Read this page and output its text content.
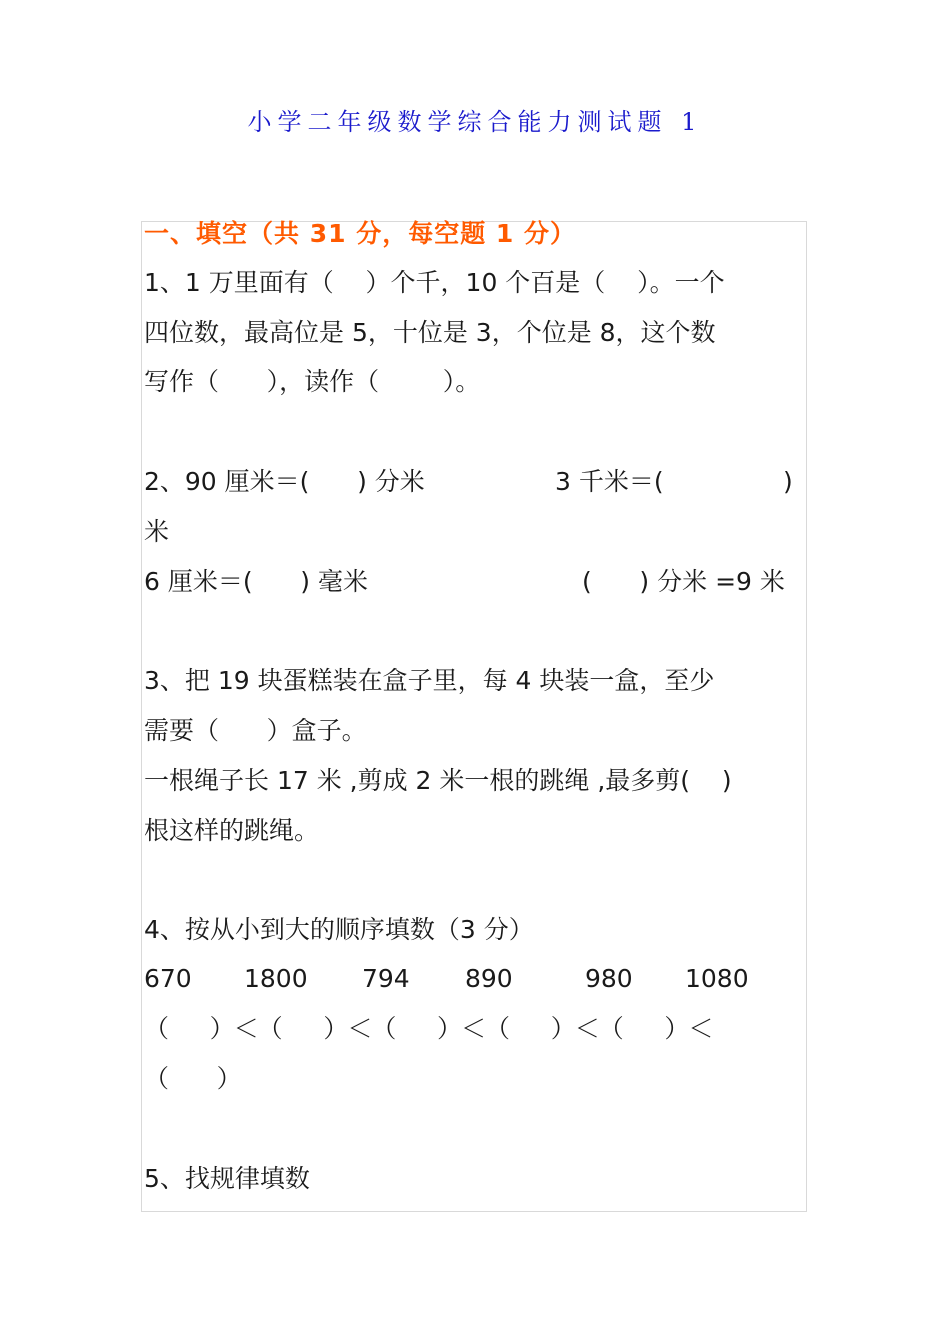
小学二年级数学综合能力测试题 1
一、填空（共 31 分，每空题 1 分）
1、1 万里面有（    ）个千，10 个百是（    ）。一个
四位数，最高位是 5，十位是 3，个位是 8，这个数
写作（      ），读作（        ）。
2、90 厘米＝(      ) 分米	3 千米＝(	)
米
6 厘米＝(      ) 毫米	(      ) 分米 =9 米
3、把 19 块蛋糕装在盒子里，每 4 块装一盒，至少
需要（      ）盒子。
一根绳子长 17 米 ,剪成 2 米一根的跳绳 ,最多剪(    )
根这样的跳绳。
4、按从小到大的顺序填数（3 分）
670 1800 794 890	980 1080
（      ）＜（      ）＜（      ）＜（      ）＜（      ）＜
（      ）
5、找规律填数
